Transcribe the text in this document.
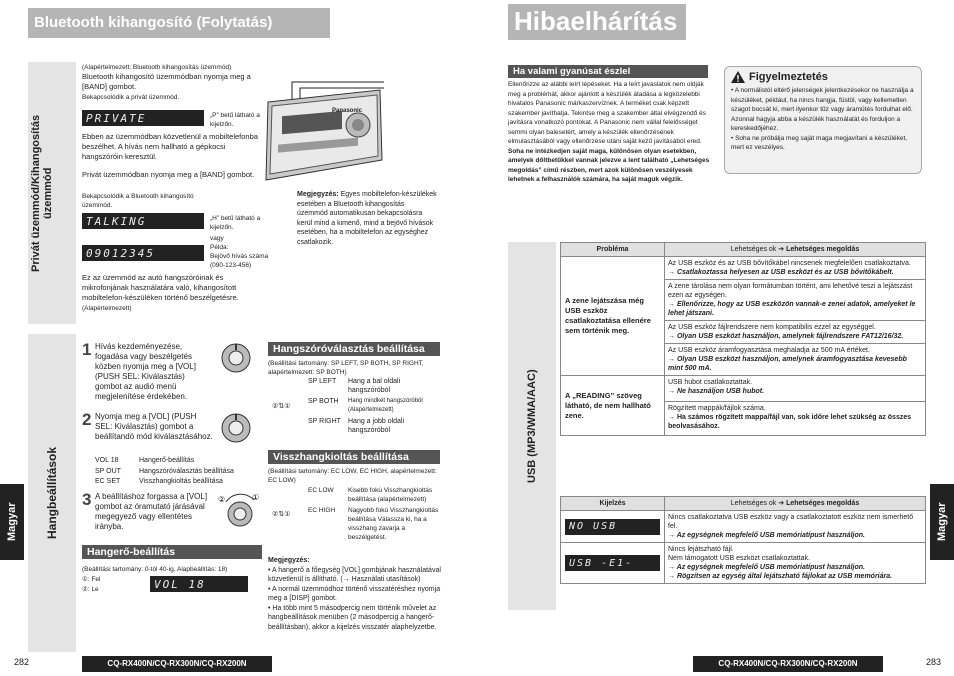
Bluetooth kihangosító (Folytatás)
Privát üzemmód/Kihangosítás
üzemmód
Hangbeállítások
Magyar
(Alapértelmezett: Bluetooth kihangosítás üzemmód)
Bluetooth kihangosító üzemmódban nyomja meg a [BAND] gombot.
Bekapcsolódik a privát üzemmód.
PRIVATE	„P” betű látható a kijelzőn.
Ebben az üzemmódban közvetlenül a mobiltelefonba beszélhet. A hívás nem hallható a gépkocsi hangszóróin keresztül.
Privát üzemmódban nyomja meg a [BAND] gombot.
Bekapcsolódik a Bluetooth kihangosító üzemmód.
TALKING	„H” betű látható a kijelzőn.
09012345
vagy
Példa:
Bejövő hívás száma (090-123-456)
Ez az üzemmód az autó hangszóróinak és mikrofonjának használatára való, kihangosított mobiltelefon-készüléken történő beszélgetésre.
(Alapértelmezett)
Panasonic
Megjegyzés: Egyes mobiltelefon-készülékek esetében a Bluetooth kihangosítás üzemmód automatikusan bekapcsolásra kerül mind a kimenő, mind a bejövő hívások esetében, ha a mobiltelefon az egységhez csatlakozik.
1 Hívás kezdeményezése, fogadása vagy beszélgetés közben nyomja meg a [VOL] (PUSH SEL: Kiválasztás) gombot az audió menü megjelenítése érdekében.
2 Nyomja meg a [VOL] (PUSH SEL: Kiválasztás) gombot a beállítandó mód kiválasztásához.
VOL 18	Hangerő-beállítás
SP OUT	Hangszóróválasztás beállítása
EC SET	Visszhangkioltás beállítása
3 A beállításhoz forgassa a [VOL] gombot az óramutató járásával megegyező vagy ellentétes irányba.
②	①
Hangerő-beállítás
(Beállítási tartomány: 0-tól 40-ig, Alapbeállítás: 18)
①: Fel
②: Le	VOL 18
Hangszóróválasztás beállítása
(Beállítási tartomány: SP LEFT, SP BOTH, SP RIGHT, alapértelmezett: SP BOTH)
②⇅①
SP LEFT	Hang a bal oldali hangszóróból
SP BOTH	Hang mindkét hangszóróból (Alapértelmezett)
SP RIGHT	Hang a jobb oldali hangszóróból
Visszhangkioltás beállítása
(Beállítási tartomány: EC LOW, EC HIGH, alapértelmezett: EC LOW)
②⇅①
EC LOW	Kisebb fokú Visszhangkioltás beállítása (alapértelmezett)
EC HIGH	Nagyobb fokú Visszhangkioltás beállítása Válassza ki, ha a visszhang zavarja a beszélgetést.
Megjegyzés:
• A hangerő a főegység [VOL] gombjának használatával közvetlenül is állítható. (→ Használati utasítások)
• A normál üzemmódhoz történő visszatéréshez nyomja meg a [DISP] gombot.
• Ha több mint 5 másodpercig nem történik művelet az hangbeállítások menüben (2 másodpercig a hangerő-beállításban), akkor a kijelzés visszatér alaphelyzetbe.
282	CQ-RX400N/CQ-RX300N/CQ-RX200N
Hibaelhárítás
Ha valami gyanúsat észlel
Ellenőrizze az alábbi leírt lépéseket. Ha a leírt javaslatok nem oldják meg a problémát, akkor ajánlott a készülék átadása a legközelebbi hivatalos Panasonic márkaszervíznek. A terméket csak képzett szakember javíthatja. Tekintse meg a szakember által elvégzendő és javításra vonatkozó pontokat. A Panasonic nem vállal felelősséget semmi olyan balesetért, amely a készülék ellenőrzésének elmulasztásából vagy ellenőrzése utáni saját kezű javításából ered.
Soha ne intézkedjen saját maga, különösen olyan esetekben, amelyek dőltbetűkkel vannak jelezve a lent található „Lehetséges megoldás” című részben, mert azok különösen veszélyesek lehetnek a felhasználók számára, ha saját maguk végzik.
Figyelmeztetés
• A normálistól eltérő jelenségek jelentkezésekor ne használja a készüléket, például, ha nincs hangja, füstöl, vagy kellemetlen szagot bocsát ki, mert ilyenkor tűz vagy áramütés fordulhat elő. Azonnal hagyja abba a készülék használatát és forduljon a kereskedőjéhez.
• Soha ne próbálja meg saját maga megjavítani a készüléket, mert ez veszélyes.
USB (MP3/WMA/AAC)
Magyar
Probléma	Lehetséges ok ➔ Lehetséges megoldás
A zene lejátszása még USB eszköz csatlakoztatása ellenére sem történik meg.	Az USB eszköz és az USB bővítőkábel nincsenek megfelelően csatlakoztatva.
→ Csatlakoztassa helyesen az USB eszközt és az USB bővítőkábelt.

	A zene tárolása nem olyan formátumban történt, ami lehetővé teszi a lejátszást ezen az egységen.
→ Ellenőrizze, hogy az USB eszközön vannak-e zenei adatok, amelyeket le lehet játszani.

	Az USB eszköz fájlrendszere nem kompatibilis ezzel az egységgel.
→ Olyan USB eszközt használjon, amelynek fájlrendszere FAT12/16/32.

	Az USB eszköz áramfogyasztása meghaladja az 500 mA értéket.
→ Olyan USB eszközt használjon, amelynek áramfogyasztása kevesebb mint 500 mA.

A „READING” szöveg látható, de nem hallható zene.	USB hubot csatlakoztattak.
→ Ne használjon USB hubot.

	Rögzített mappák/fájlok száma.
→ Ha számos rögzített mappa/fájl van, sok időre lehet szükség az összes beolvasásához.
Kijelzés	Lehetséges ok ➔ Lehetséges megoldás

NO USB	Nincs csatlakoztatva USB eszköz vagy a csatlakoztatott eszköz nem ismerhető fel.
→ Az egységnek megfelelő USB memóriatípust használjon.

USB -E1-	Nincs lejátszható fájl.
Nem támogatott USB eszközt csatlakoztattak.
→ Az egységnek megfelelő USB memóriatípust használjon.
→ Rögzítsen az egység által lejátszható fájlokat az USB memóriára.
CQ-RX400N/CQ-RX300N/CQ-RX200N	283
